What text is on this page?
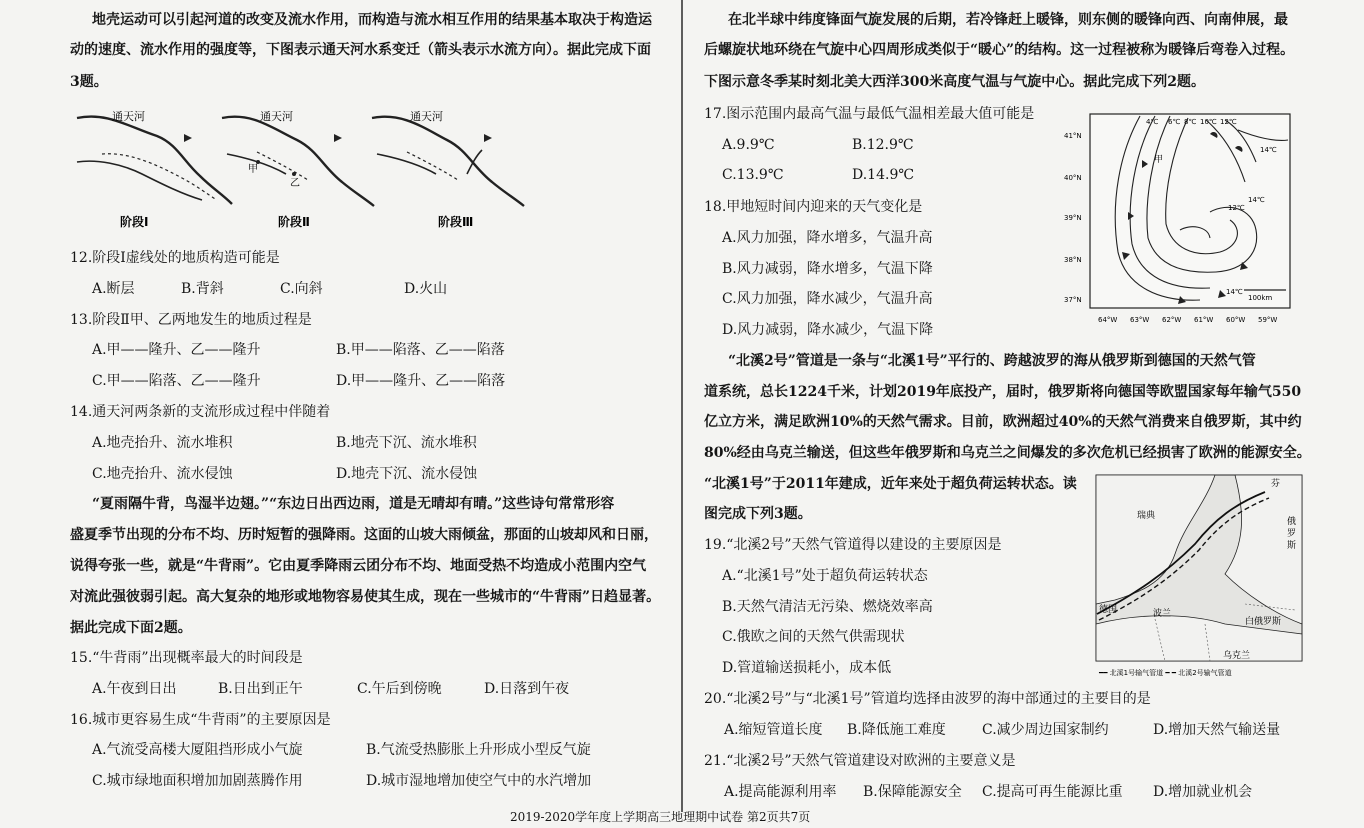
地壳运动可以引起河道的改变及流水作用，而构造与流水相互作用的结果基本取决于构造运
动的速度、流水作用的强度等，下图表示通天河水系变迁（箭头表示水流方向）。据此完成下面
3题。
通天河	通天河	通天河
甲
乙
阶段Ⅰ	阶段Ⅱ	阶段Ⅲ
12.阶段Ⅰ虚线处的地质构造可能是
A.断层	B.背斜	C.向斜	D.火山
13.阶段Ⅱ甲、乙两地发生的地质过程是
A.甲——隆升、乙——隆升	B.甲——陷落、乙——陷落
C.甲——陷落、乙——隆升	D.甲——隆升、乙——陷落
14.通天河两条新的支流形成过程中伴随着
A.地壳抬升、流水堆积	B.地壳下沉、流水堆积
C.地壳抬升、流水侵蚀	D.地壳下沉、流水侵蚀
“夏雨隔牛背，鸟湿半边翅。”“东边日出西边雨，道是无晴却有晴。”这些诗句常常形容
盛夏季节出现的分布不均、历时短暂的强降雨。这面的山坡大雨倾盆，那面的山坡却风和日丽，
说得夸张一些，就是“牛背雨”。它由夏季降雨云团分布不均、地面受热不均造成小范围内空气
对流此强彼弱引起。高大复杂的地形或地物容易使其生成，现在一些城市的“牛背雨”日趋显著。
据此完成下面2题。
15.“牛背雨”出现概率最大的时间段是
A.午夜到日出	B.日出到正午	C.午后到傍晚	D.日落到午夜
16.城市更容易生成“牛背雨”的主要原因是
A.气流受高楼大厦阻挡形成小气旋	B.气流受热膨胀上升形成小型反气旋
C.城市绿地面积增加加剧蒸腾作用	D.城市湿地增加使空气中的水汽增加
在北半球中纬度锋面气旋发展的后期，若冷锋赶上暖锋，则东侧的暖锋向西、向南伸展，最
后螺旋状地环绕在气旋中心四周形成类似于“暖心”的结构。这一过程被称为暖锋后弯卷入过程。
下图示意冬季某时刻北美大西洋300米高度气温与气旋中心。据此完成下列2题。
17.图示范围内最高气温与最低气温相差最大值可能是
A.9.9℃	B.12.9℃
C.13.9℃	D.14.9℃
18.甲地短时间内迎来的天气变化是
A.风力加强，降水增多，气温升高
B.风力减弱，降水增多，气温下降
C.风力加强，降水减少，气温升高
D.风力减弱，降水减少，气温下降
4℃ 6℃ 8℃ 10℃ 12℃
14℃
14℃
12℃
14℃
甲
41°N
40°N
39°N
38°N
37°N
64°W 63°W 62°W 61°W 60°W 59°W
100km
“北溪2号”管道是一条与“北溪1号”平行的、跨越波罗的海从俄罗斯到德国的天然气管
道系统，总长1224千米，计划2019年底投产，届时，俄罗斯将向德国等欧盟国家每年输气550
亿立方米，满足欧洲10%的天然气需求。目前，欧洲超过40%的天然气消费来自俄罗斯，其中约
80%经由乌克兰输送，但这些年俄罗斯和乌克兰之间爆发的多次危机已经损害了欧洲的能源安全。
“北溪1号”于2011年建成，近年来处于超负荷运转状态。读
图完成下列3题。
19.“北溪2号”天然气管道得以建设的主要原因是
A.“北溪1号”处于超负荷运转状态
B.天然气清洁无污染、燃烧效率高
C.俄欧之间的天然气供需现状
D.管道输送损耗小，成本低
瑞典
芬
俄
罗
斯
德国	波兰
白俄罗斯
乌克兰
━━ 北溪1号输气管道 ━ ━ 北溪2号输气管道
20.“北溪2号”与“北溪1号”管道均选择由波罗的海中部通过的主要目的是
A.缩短管道长度 B.降低施工难度	C.减少周边国家制约	D.增加天然气输送量
21.“北溪2号”天然气管道建设对欧洲的主要意义是
A.提高能源利用率 B.保障能源安全 C.提高可再生能源比重 D.增加就业机会
2019-2020学年度上学期高三地理期中试卷 第2页共7页
